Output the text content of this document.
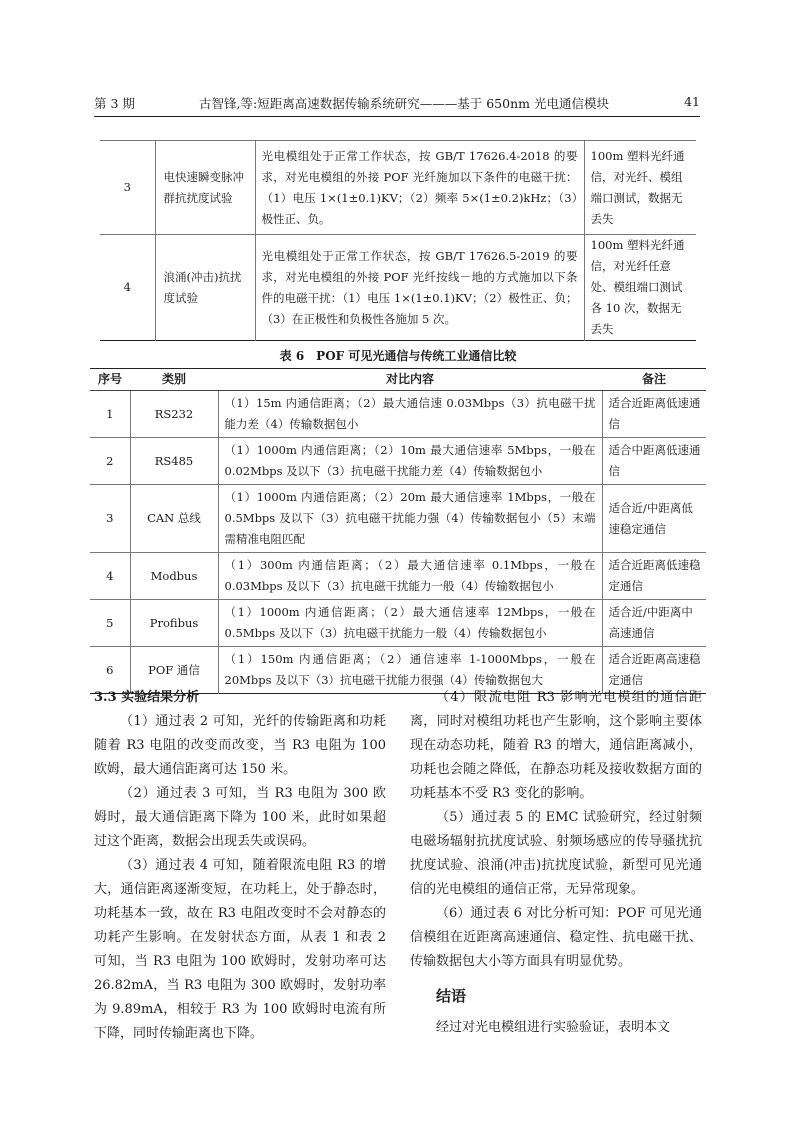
第 3 期	古智锋,等:短距离高速数据传输系统研究———基于 650nm 光电通信模块	41
3	电快速瞬变脉冲群抗扰度试验	光电模组处于正常工作状态，按 GB/T 17626.4-2018 的要求，对光电模组的外接 POF 光纤施加以下条件的电磁干扰：（1）电压 1×(1±0.1)KV；（2）频率 5×(1±0.2)kHz；（3）极性正、负。	100m 塑料光纤通信，对光纤、模组端口测试，数据无丢失
4	浪涌(冲击)抗扰度试验	光电模组处于正常工作状态，按 GB/T 17626.5-2019 的要求，对光电模组的外接 POF 光纤按线－地的方式施加以下条件的电磁干扰：（1）电压 1×(1±0.1)KV；（2）极性正、负；（3）在正极性和负极性各施加 5 次。	100m 塑料光纤通信，对光纤任意处、模组端口测试各 10 次，数据无丢失
表 6　POF 可见光通信与传统工业通信比较
序号	类别	对比内容	备注
1	RS232	（1）15m 内通信距离；（2）最大通信速 0.03Mbps（3）抗电磁干扰能力差（4）传输数据包小	适合近距离低速通信
2	RS485	（1）1000m 内通信距离；（2）10m 最大通信速率 5Mbps，一般在 0.02Mbps 及以下（3）抗电磁干扰能力差（4）传输数据包小	适合中距离低速通信
3	CAN 总线	（1）1000m 内通信距离；（2）20m 最大通信速率 1Mbps，一般在 0.5Mbps 及以下（3）抗电磁干扰能力强（4）传输数据包小（5）末端需精准电阻匹配	适合近/中距离低速稳定通信
4	Modbus	（1）300m 内通信距离；（2）最大通信速率 0.1Mbps，一般在 0.03Mbps 及以下（3）抗电磁干扰能力一般（4）传输数据包小	适合近距离低速稳定通信
5	Profibus	（1）1000m 内通信距离；（2）最大通信速率 12Mbps，一般在 0.5Mbps 及以下（3）抗电磁干扰能力一般（4）传输数据包小	适合近/中距离中高速通信
6	POF 通信	（1）150m 内通信距离；（2）通信速率 1-1000Mbps，一般在 20Mbps 及以下（3）抗电磁干扰能力很强（4）传输数据包大	适合近距离高速稳定通信
3.3 实验结果分析

（1）通过表 2 可知，光纤的传输距离和功耗随着 R3 电阻的改变而改变，当 R3 电阻为 100 欧姆，最大通信距离可达 150 米。

（2）通过表 3 可知，当 R3 电阻为 300 欧姆时，最大通信距离下降为 100 米，此时如果超过这个距离，数据会出现丢失或误码。

（3）通过表 4 可知，随着限流电阻 R3 的增大，通信距离逐渐变短，在功耗上，处于静态时，功耗基本一致，故在 R3 电阻改变时不会对静态的功耗产生影响。在发射状态方面，从表 1 和表 2 可知，当 R3 电阻为 100 欧姆时，发射功率可达 26.82mA，当 R3 电阻为 300 欧姆时，发射功率为 9.89mA，相较于 R3 为 100 欧姆时电流有所下降，同时传输距离也下降。

（4）限流电阻 R3 影响光电模组的通信距离，同时对模组功耗也产生影响，这个影响主要体现在动态功耗，随着 R3 的增大，通信距离减小，功耗也会随之降低，在静态功耗及接收数据方面的功耗基本不受 R3 变化的影响。

（5）通过表 5 的 EMC 试验研究，经过射频电磁场辐射抗扰度试验、射频场感应的传导骚扰抗扰度试验、浪涌(冲击)抗扰度试验，新型可见光通信的光电模组的通信正常，无异常现象。

（6）通过表 6 对比分析可知：POF 可见光通信模组在近距离高速通信、稳定性、抗电磁干扰、传输数据包大小等方面具有明显优势。

结语

经过对光电模组进行实验验证，表明本文
